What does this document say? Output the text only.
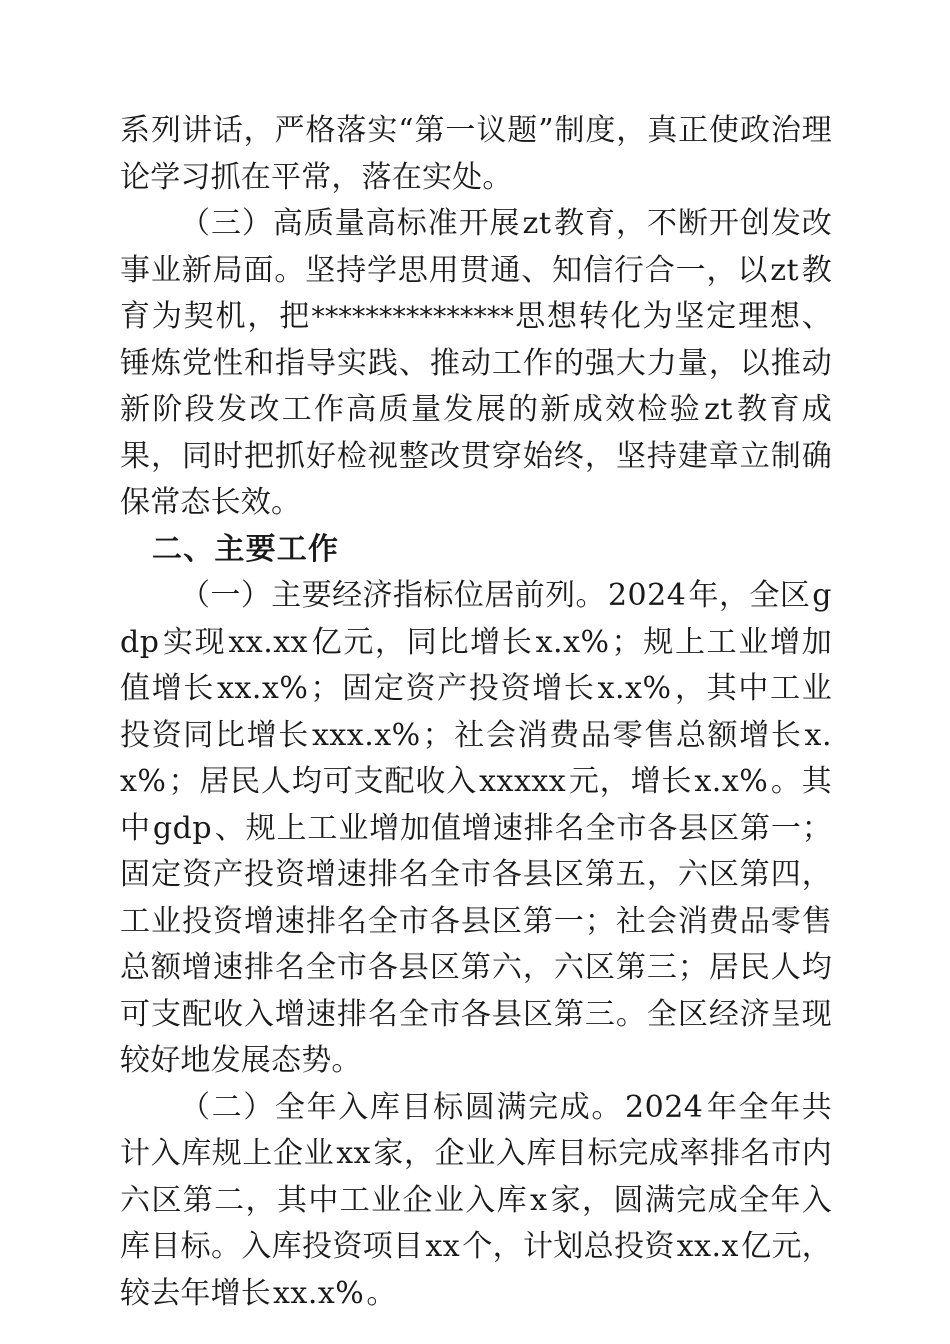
系列讲话，严格落实“第一议题”制度，真正使政治理论学习抓在平常，落在实处。

（三）高质量高标准开展zt教育，不断开创发改事业新局面。坚持学思用贯通、知信行合一，以zt教育为契机，把***************思想转化为坚定理想、锤炼党性和指导实践、推动工作的强大力量，以推动新阶段发改工作高质量发展的新成效检验zt教育成果，同时把抓好检视整改贯穿始终，坚持建章立制确保常态长效。

二、主要工作

（一）主要经济指标位居前列。2024年，全区gdp实现xx.xx亿元，同比增长x.x%；规上工业增加值增长xx.x%；固定资产投资增长x.x%，其中工业投资同比增长xxx.x%；社会消费品零售总额增长x.x%；居民人均可支配收入xxxxx元，增长x.x%。其中gdp、规上工业增加值增速排名全市各县区第一；固定资产投资增速排名全市各县区第五，六区第四，工业投资增速排名全市各县区第一；社会消费品零售总额增速排名全市各县区第六，六区第三；居民人均可支配收入增速排名全市各县区第三。全区经济呈现较好地发展态势。

（二）全年入库目标圆满完成。2024年全年共计入库规上企业xx家，企业入库目标完成率排名市内六区第二，其中工业企业入库x家，圆满完成全年入库目标。入库投资项目xx个，计划总投资xx.x亿元，较去年增长xx.x%。
